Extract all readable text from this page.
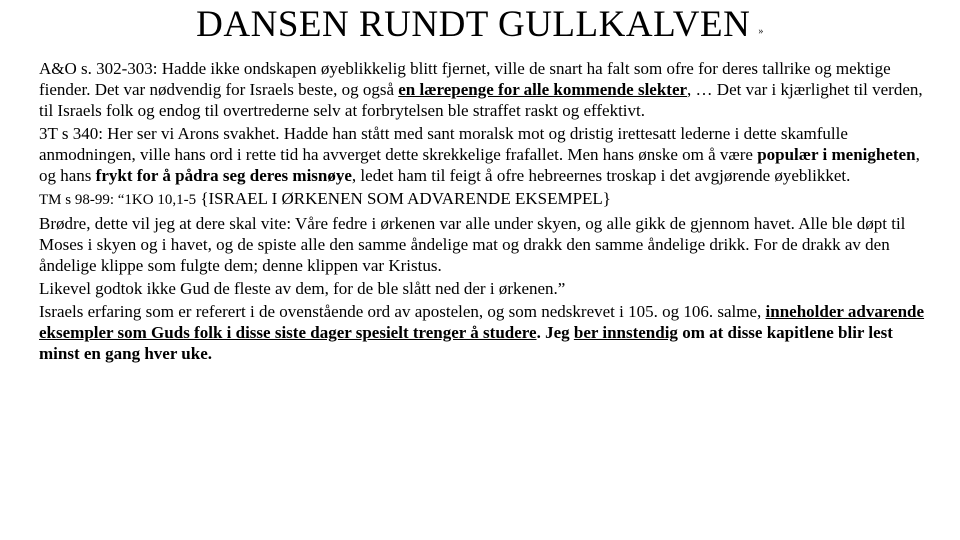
DANSEN RUNDT GULLKALVEN »

A&O s. 302-303: Hadde ikke ondskapen øyeblikkelig blitt fjernet, ville de snart ha falt som ofre for deres tallrike og mektige fiender. Det var nødvendig for Israels beste, og også en lærepenge for alle kommende slekter, … Det var i kjærlighet til verden, til Israels folk og endog til overtrederne selv at forbrytelsen ble straffet raskt og effektivt.

3T s 340: Her ser vi Arons svakhet. Hadde han stått med sant moralsk mot og dristig irettesatt lederne i dette skamfulle anmodningen, ville hans ord i rette tid ha avverget dette skrekkelige frafallet. Men hans ønske om å være populær i menigheten, og hans frykt for å pådra seg deres misnøye, ledet ham til feigt å ofre hebreernes troskap i det avgjørende øyeblikket.

TM s 98-99: “1KO 10,1-5 {ISRAEL I ØRKENEN SOM ADVARENDE EKSEMPEL}

Brødre, dette vil jeg at dere skal vite: Våre fedre i ørkenen var alle under skyen, og alle gikk de gjennom havet. Alle ble døpt til Moses i skyen og i havet, og de spiste alle den samme åndelige mat og drakk den samme åndelige drikk. For de drakk av den åndelige klippe som fulgte dem; denne klippen var Kristus.

Likevel godtok ikke Gud de fleste av dem, for de ble slått ned der i ørkenen.”

Israels erfaring som er referert i de ovenstående ord av apostelen, og som nedskrevet i 105. og 106. salme, inneholder advarende eksempler som Guds folk i disse siste dager spesielt trenger å studere. Jeg ber innstendig om at disse kapitlene blir lest minst en gang hver uke.
